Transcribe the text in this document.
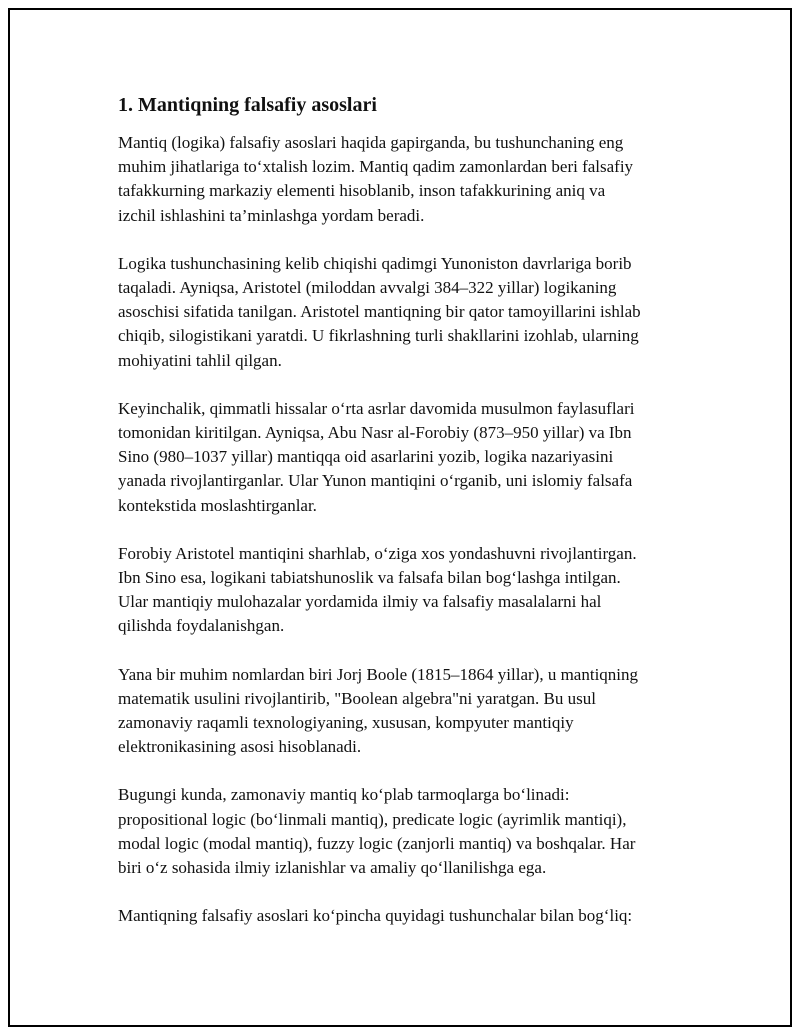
1. Mantiqning falsafiy asoslari

Mantiq (logika) falsafiy asoslari haqida gapirganda, bu tushunchaning eng
muhim jihatlariga to‘xtalish lozim. Mantiq qadim zamonlardan beri falsafiy
tafakkurning markaziy elementi hisoblanib, inson tafakkurining aniq va
izchil ishlashini ta’minlashga yordam beradi.

Logika tushunchasining kelib chiqishi qadimgi Yunoniston davrlariga borib
taqaladi. Ayniqsa, Aristotel (miloddan avvalgi 384–322 yillar) logikaning
asoschisi sifatida tanilgan. Aristotel mantiqning bir qator tamoyillarini ishlab
chiqib, silogistikani yaratdi. U fikrlashning turli shakllarini izohlab, ularning
mohiyatini tahlil qilgan.

Keyinchalik, qimmatli hissalar o‘rta asrlar davomida musulmon faylasuflari
tomonidan kiritilgan. Ayniqsa, Abu Nasr al-Forobiy (873–950 yillar) va Ibn
Sino (980–1037 yillar) mantiqqa oid asarlarini yozib, logika nazariyasini
yanada rivojlantirganlar. Ular Yunon mantiqini o‘rganib, uni islomiy falsafa
kontekstida moslashtirganlar.

Forobiy Aristotel mantiqini sharhlab, o‘ziga xos yondashuvni rivojlantirgan.
Ibn Sino esa, logikani tabiatshunoslik va falsafa bilan bog‘lashga intilgan.
Ular mantiqiy mulohazalar yordamida ilmiy va falsafiy masalalarni hal
qilishda foydalanishgan.

Yana bir muhim nomlardan biri Jorj Boole (1815–1864 yillar), u mantiqning
matematik usulini rivojlantirib, "Boolean algebra"ni yaratgan. Bu usul
zamonaviy raqamli texnologiyaning, xususan, kompyuter mantiqiy
elektronikasining asosi hisoblanadi.

Bugungi kunda, zamonaviy mantiq ko‘plab tarmoqlarga bo‘linadi:
propositional logic (bo‘linmali mantiq), predicate logic (ayrimlik mantiqi),
modal logic (modal mantiq), fuzzy logic (zanjorli mantiq) va boshqalar. Har
biri o‘z sohasida ilmiy izlanishlar va amaliy qo‘llanilishga ega.

Mantiqning falsafiy asoslari ko‘pincha quyidagi tushunchalar bilan bog‘liq:
